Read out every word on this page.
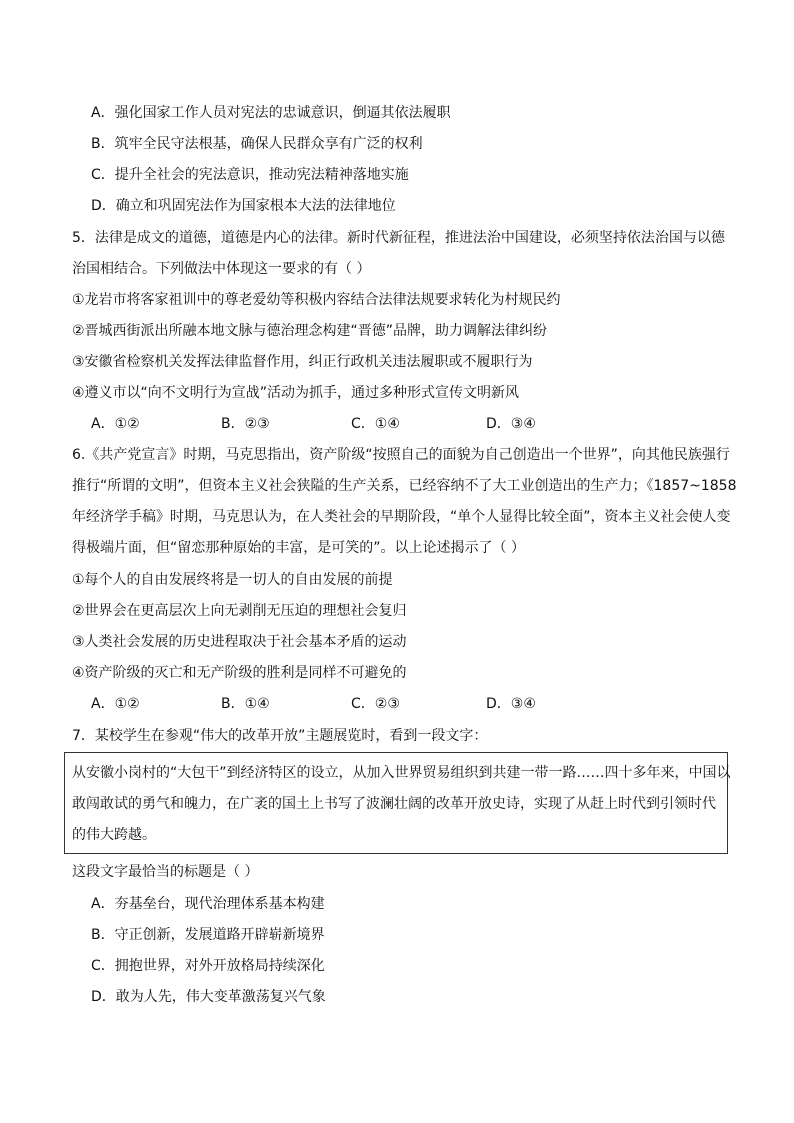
A．强化国家工作人员对宪法的忠诚意识，倒逼其依法履职
B．筑牢全民守法根基，确保人民群众享有广泛的权利
C．提升全社会的宪法意识，推动宪法精神落地实施
D．确立和巩固宪法作为国家根本大法的法律地位
5．法律是成文的道德，道德是内心的法律。新时代新征程，推进法治中国建设，必须坚持依法治国与以德
治国相结合。下列做法中体现这一要求的有（ ）
①龙岩市将客家祖训中的尊老爱幼等积极内容结合法律法规要求转化为村规民约
②晋城西街派出所融本地文脉与德治理念构建“晋德”品牌，助力调解法律纠纷
③安徽省检察机关发挥法律监督作用，纠正行政机关违法履职或不履职行为
④遵义市以“向不文明行为宣战”活动为抓手，通过多种形式宣传文明新风
A．①②	B．②③	C．①④	D．③④
6.《共产党宣言》时期，马克思指出，资产阶级“按照自己的面貌为自己创造出一个世界”，向其他民族强行
推行“所谓的文明”，但资本主义社会狭隘的生产关系，已经容纳不了大工业创造出的生产力；《1857~1858
年经济学手稿》时期，马克思认为，在人类社会的早期阶段，“单个人显得比较全面”，资本主义社会使人变
得极端片面，但“留恋那种原始的丰富，是可笑的”。以上论述揭示了（ ）
①每个人的自由发展终将是一切人的自由发展的前提
②世界会在更高层次上向无剥削无压迫的理想社会复归
③人类社会发展的历史进程取决于社会基本矛盾的运动
④资产阶级的灭亡和无产阶级的胜利是同样不可避免的
A．①②	B．①④	C．②③	D．③④
7．某校学生在参观“伟大的改革开放”主题展览时，看到一段文字：
从安徽小岗村的“大包干”到经济特区的设立，从加入世界贸易组织到共建一带一路……四十多年来，中国以
敢闯敢试的勇气和魄力，在广袤的国土上书写了波澜壮阔的改革开放史诗，实现了从赶上时代到引领时代
的伟大跨越。
这段文字最恰当的标题是（ ）
A．夯基垒台，现代治理体系基本构建
B．守正创新，发展道路开辟崭新境界
C．拥抱世界，对外开放格局持续深化
D．敢为人先，伟大变革激荡复兴气象
